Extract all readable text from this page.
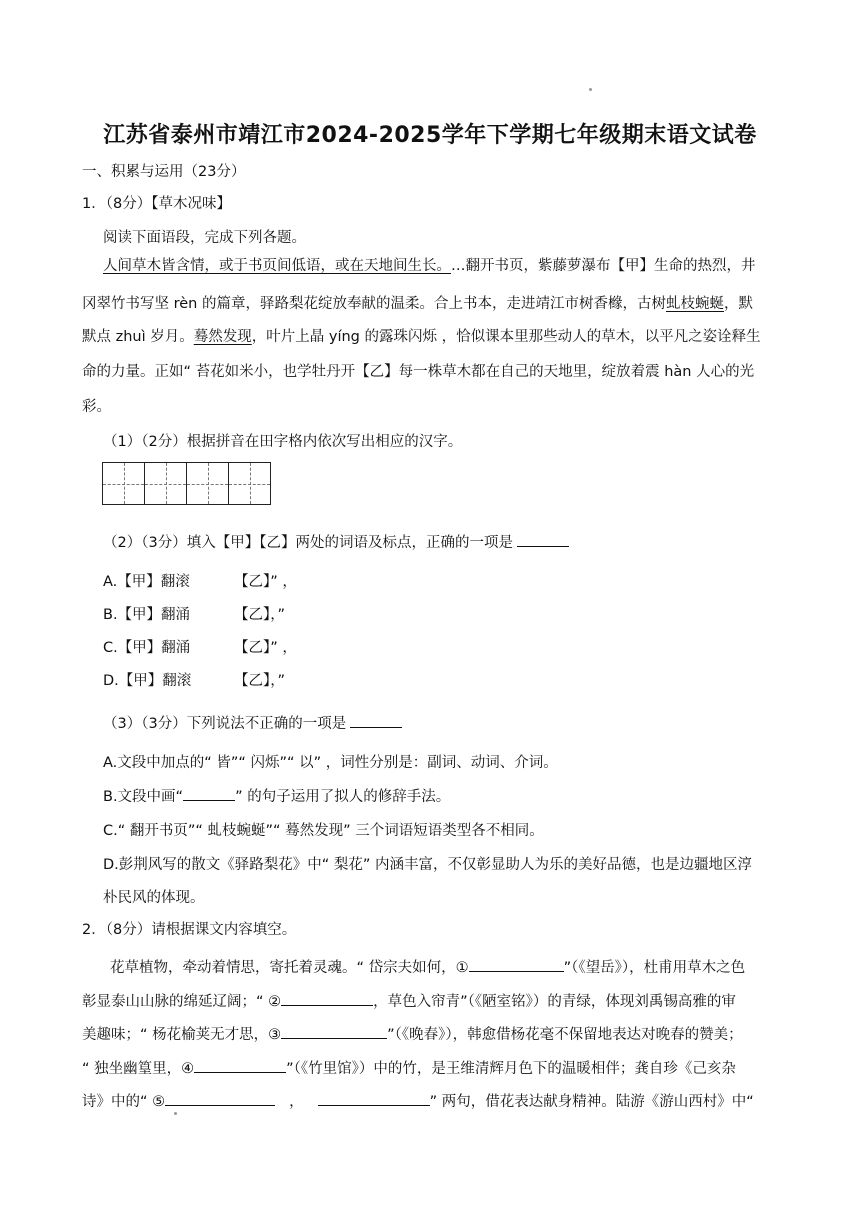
江苏省泰州市靖江市2024-2025学年下学期七年级期末语文试卷
一、积累与运用（23分）
1．（8分）【草木况味】
阅读下面语段，完成下列各题。
人间草木皆含情，或于书页间低语，或在天地间生长。…翻开书页，紫藤萝瀑布【甲】生命的热烈，井
冈翠竹书写坚 rèn 的篇章，驿路梨花绽放奉献的温柔。合上书本，走进靖江市树香橼，古树虬枝蜿蜒，默
默点 zhuì 岁月。蓦然发现，叶片上晶 yíng 的露珠闪烁 ，恰似课本里那些动人的草木，以平凡之姿诠释生
命的力量。正如“ 苔花如米小，也学牡丹开【乙】每一株草木都在自己的天地里，绽放着震 hàn 人心的光
彩。
（1）（2分）根据拼音在田字格内依次写出相应的汉字。
（2）（3分）填入【甲】【乙】两处的词语及标点，正确的一项是
A.【甲】翻滚	【乙】” ，
B.【甲】翻涌	【乙】，”
C.【甲】翻涌	【乙】” ，
D.【甲】翻滚	【乙】，”
（3）（3分）下列说法不正确的一项是
A.文段中加点的“ 皆”“ 闪烁”“ 以” ，词性分别是：副词、动词、介词。
B.文段中画“	” 的句子运用了拟人的修辞手法。
C.“ 翻开书页”“ 虬枝蜿蜒”“ 蓦然发现” 三个词语短语类型各不相同。
D.彭荆风写的散文《驿路梨花》中“ 梨花” 内涵丰富，不仅彰显助人为乐的美好品德，也是边疆地区淳
朴民风的体现。
2．（8分）请根据课文内容填空。
花草植物，牵动着情思，寄托着灵魂。“ 岱宗夫如何，①	”（《望岳》），杜甫用草木之色
彰显泰山山脉的绵延辽阔；“ ②	，草色入帘青”（《陋室铭》）的青绿，体现刘禹锡高雅的审
美趣味；“ 杨花榆荚无才思，③	”（《晚春》），韩愈借杨花毫不保留地表达对晚春的赞美；
“ 独坐幽篁里，④	”（《竹里馆》）中的竹，是王维清辉月色下的温暖相伴；龚自珍《己亥杂
诗》中的“ ⑤	，	” 两句，借花表达献身精神。陆游《游山西村》中“
